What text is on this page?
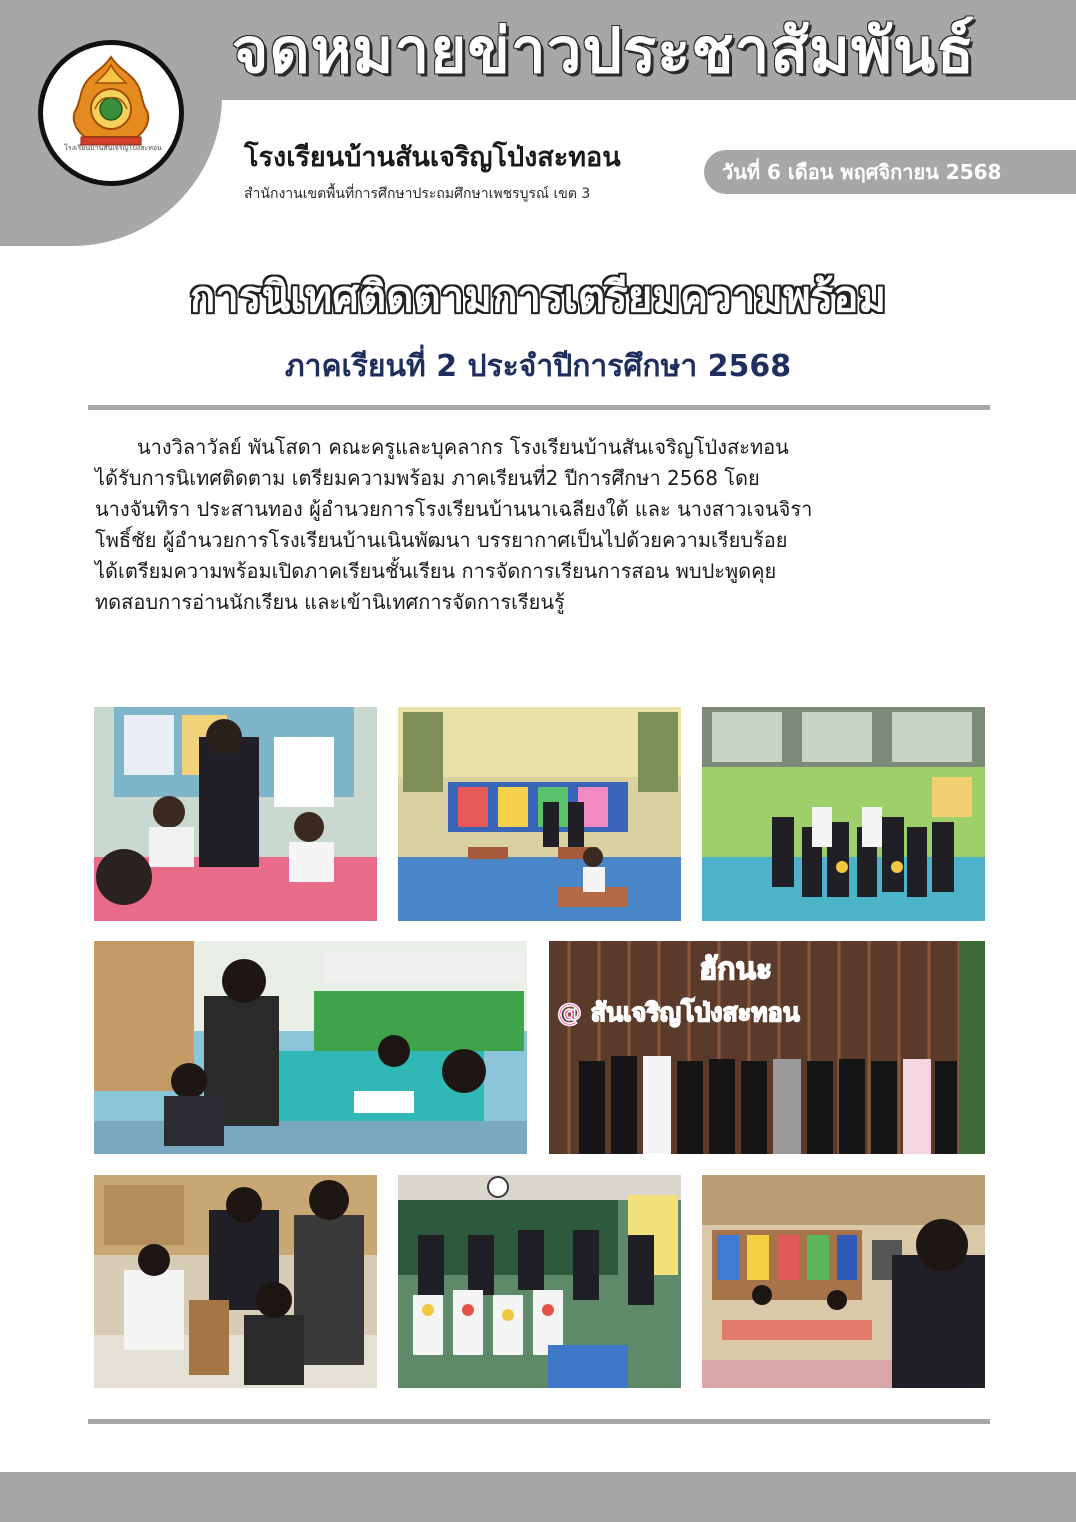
จดหมายข่าวประชาสัมพันธ์
โรงเรียนบ้านสันเจริญโป่งสะทอน	โรงเรียนบ้านสันเจริญโป่งสะทอน
สำนักงานเขตพื้นที่การศึกษาประถมศึกษาเพชรบูรณ์ เขต 3
วันที่ 6 เดือน พฤศจิกายน 2568
การนิเทศติดตามการเตรียมความพร้อม
ภาคเรียนที่ 2 ประจำปีการศึกษา 2568
นางวิลาวัลย์ พันโสดา คณะครูและบุคลากร โรงเรียนบ้านสันเจริญโป่งสะทอน
ได้รับการนิเทศติดตาม เตรียมความพร้อม ภาคเรียนที่2 ปีการศึกษา 2568 โดย
นางจันทิรา ประสานทอง ผู้อำนวยการโรงเรียนบ้านนาเฉลียงใต้ และ นางสาวเจนจิรา
โพธิ์ชัย ผู้อำนวยการโรงเรียนบ้านเนินพัฒนา บรรยากาศเป็นไปด้วยความเรียบร้อย
ได้เตรียมความพร้อมเปิดภาคเรียนชั้นเรียน การจัดการเรียนการสอน พบปะพูดคุย
ทดสอบการอ่านนักเรียน และเข้านิเทศการจัดการเรียนรู้
ฮักนะ
@ สันเจริญโป่งสะทอน
